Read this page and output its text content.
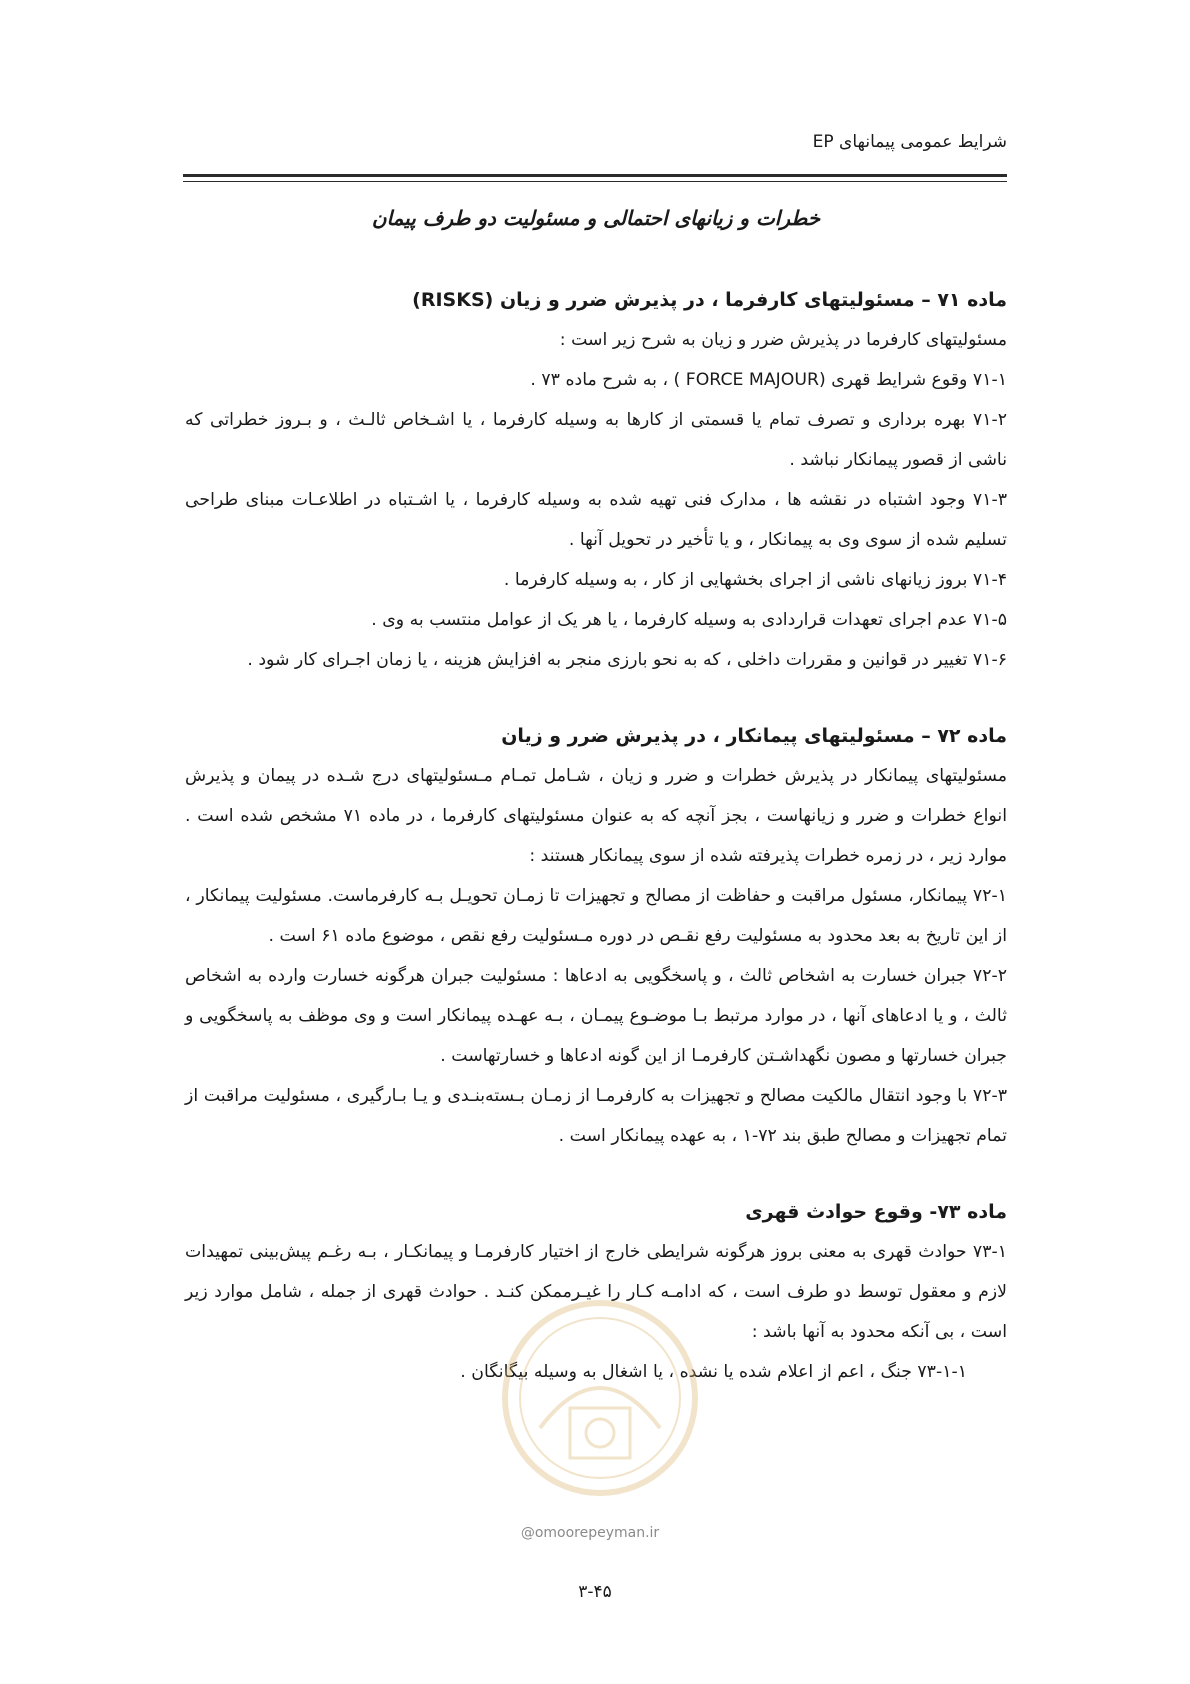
شرایط عمومی پیمانهای EP
خطرات و زیانهای احتمالی و مسئولیت دو طرف پیمان

ماده ۷۱ – مسئولیتهای کارفرما ، در پذیرش ضرر و زیان (RISKS)

مسئولیتهای کارفرما در پذیرش ضرر و زیان به شرح زیر است :

۷۱-۱ وقوع شرایط قهری (FORCE MAJOUR ) ، به شرح ماده ۷۳ .

۷۱-۲ بهره برداری و تصرف تمام یا قسمتی از کارها به وسیله کارفرما ، یا اشـخاص ثالـث ، و بـروز خطراتی که ناشی از قصور پیمانکار نباشد .

۷۱-۳ وجود اشتباه در نقشه ها ، مدارک فنی تهیه شده به وسیله کارفرما ، یا اشـتباه در اطلاعـات مبنای طراحی تسلیم شده از سوی وی به پیمانکار ، و یا تأخیر در تحویل آنها .

۷۱-۴ بروز زیانهای ناشی از اجرای بخشهایی از کار ، به وسیله کارفرما .

۷۱-۵ عدم اجرای تعهدات قراردادی به وسیله کارفرما ، یا هر یک از عوامل منتسب به وی .

۷۱-۶ تغییر در قوانین و مقررات داخلی ، که به نحو بارزی منجر به افزایش هزینه ، یا زمان اجـرای کار شود .

ماده ۷۲ – مسئولیتهای پیمانکار ، در پذیرش ضرر و زیان

مسئولیتهای پیمانکار در پذیرش خطرات و ضرر و زیان ، شـامل تمـام مـسئولیتهای درج شـده در پیمان و پذیرش انواع خطرات و ضرر و زیانهاست ، بجز آنچه که به عنوان مسئولیتهای کارفرما ، در ماده ۷۱ مشخص شده است . موارد زیر ، در زمره خطرات پذیرفته شده از سوی پیمانکار هستند :

۷۲-۱ پیمانکار، مسئول مراقبت و حفاظت از مصالح و تجهیزات تا زمـان تحویـل بـه کارفرماست. مسئولیت پیمانکار ، از این تاریخ به بعد محدود به مسئولیت رفع نقـص در دوره مـسئولیت رفع نقص ، موضوع ماده ۶۱ است .

۷۲-۲ جبران خسارت به اشخاص ثالث ، و پاسخگویی به ادعاها : مسئولیت جبران هرگونه خسارت وارده به اشخاص ثالث ، و یا ادعاهای آنها ، در موارد مرتبط بـا موضـوع پیمـان ، بـه عهـده پیمانکار است و وی موظف به پاسخگویی و جبران خسارتها و مصون نگهداشـتن کارفرمـا از این گونه ادعاها و خسارتهاست .

۷۲-۳ با وجود انتقال مالکیت مصالح و تجهیزات به کارفرمـا از زمـان بـسته‌بنـدی و یـا بـارگیری ، مسئولیت مراقبت از تمام تجهیزات و مصالح طبق بند ۷۲-۱ ، به عهده پیمانکار است .

ماده ۷۳- وقوع حوادث قهری

۷۳-۱ حوادث قهری به معنی بروز هرگونه شرایطی خارج از اختیار کارفرمـا و پیمانکـار ، بـه رغـم پیش‌بینی تمهیدات لازم و معقول توسط دو طرف است ، که ادامـه کـار را غیـرممکن کنـد . حوادث قهری از جمله ، شامل موارد زیر است ، بی آنکه محدود به آنها باشد :

۷۳-۱-۱ جنگ ، اعم از اعلام شده یا نشده ، یا اشغال به وسیله بیگانگان .

@omoorepeyman.ir
۳-۴۵
